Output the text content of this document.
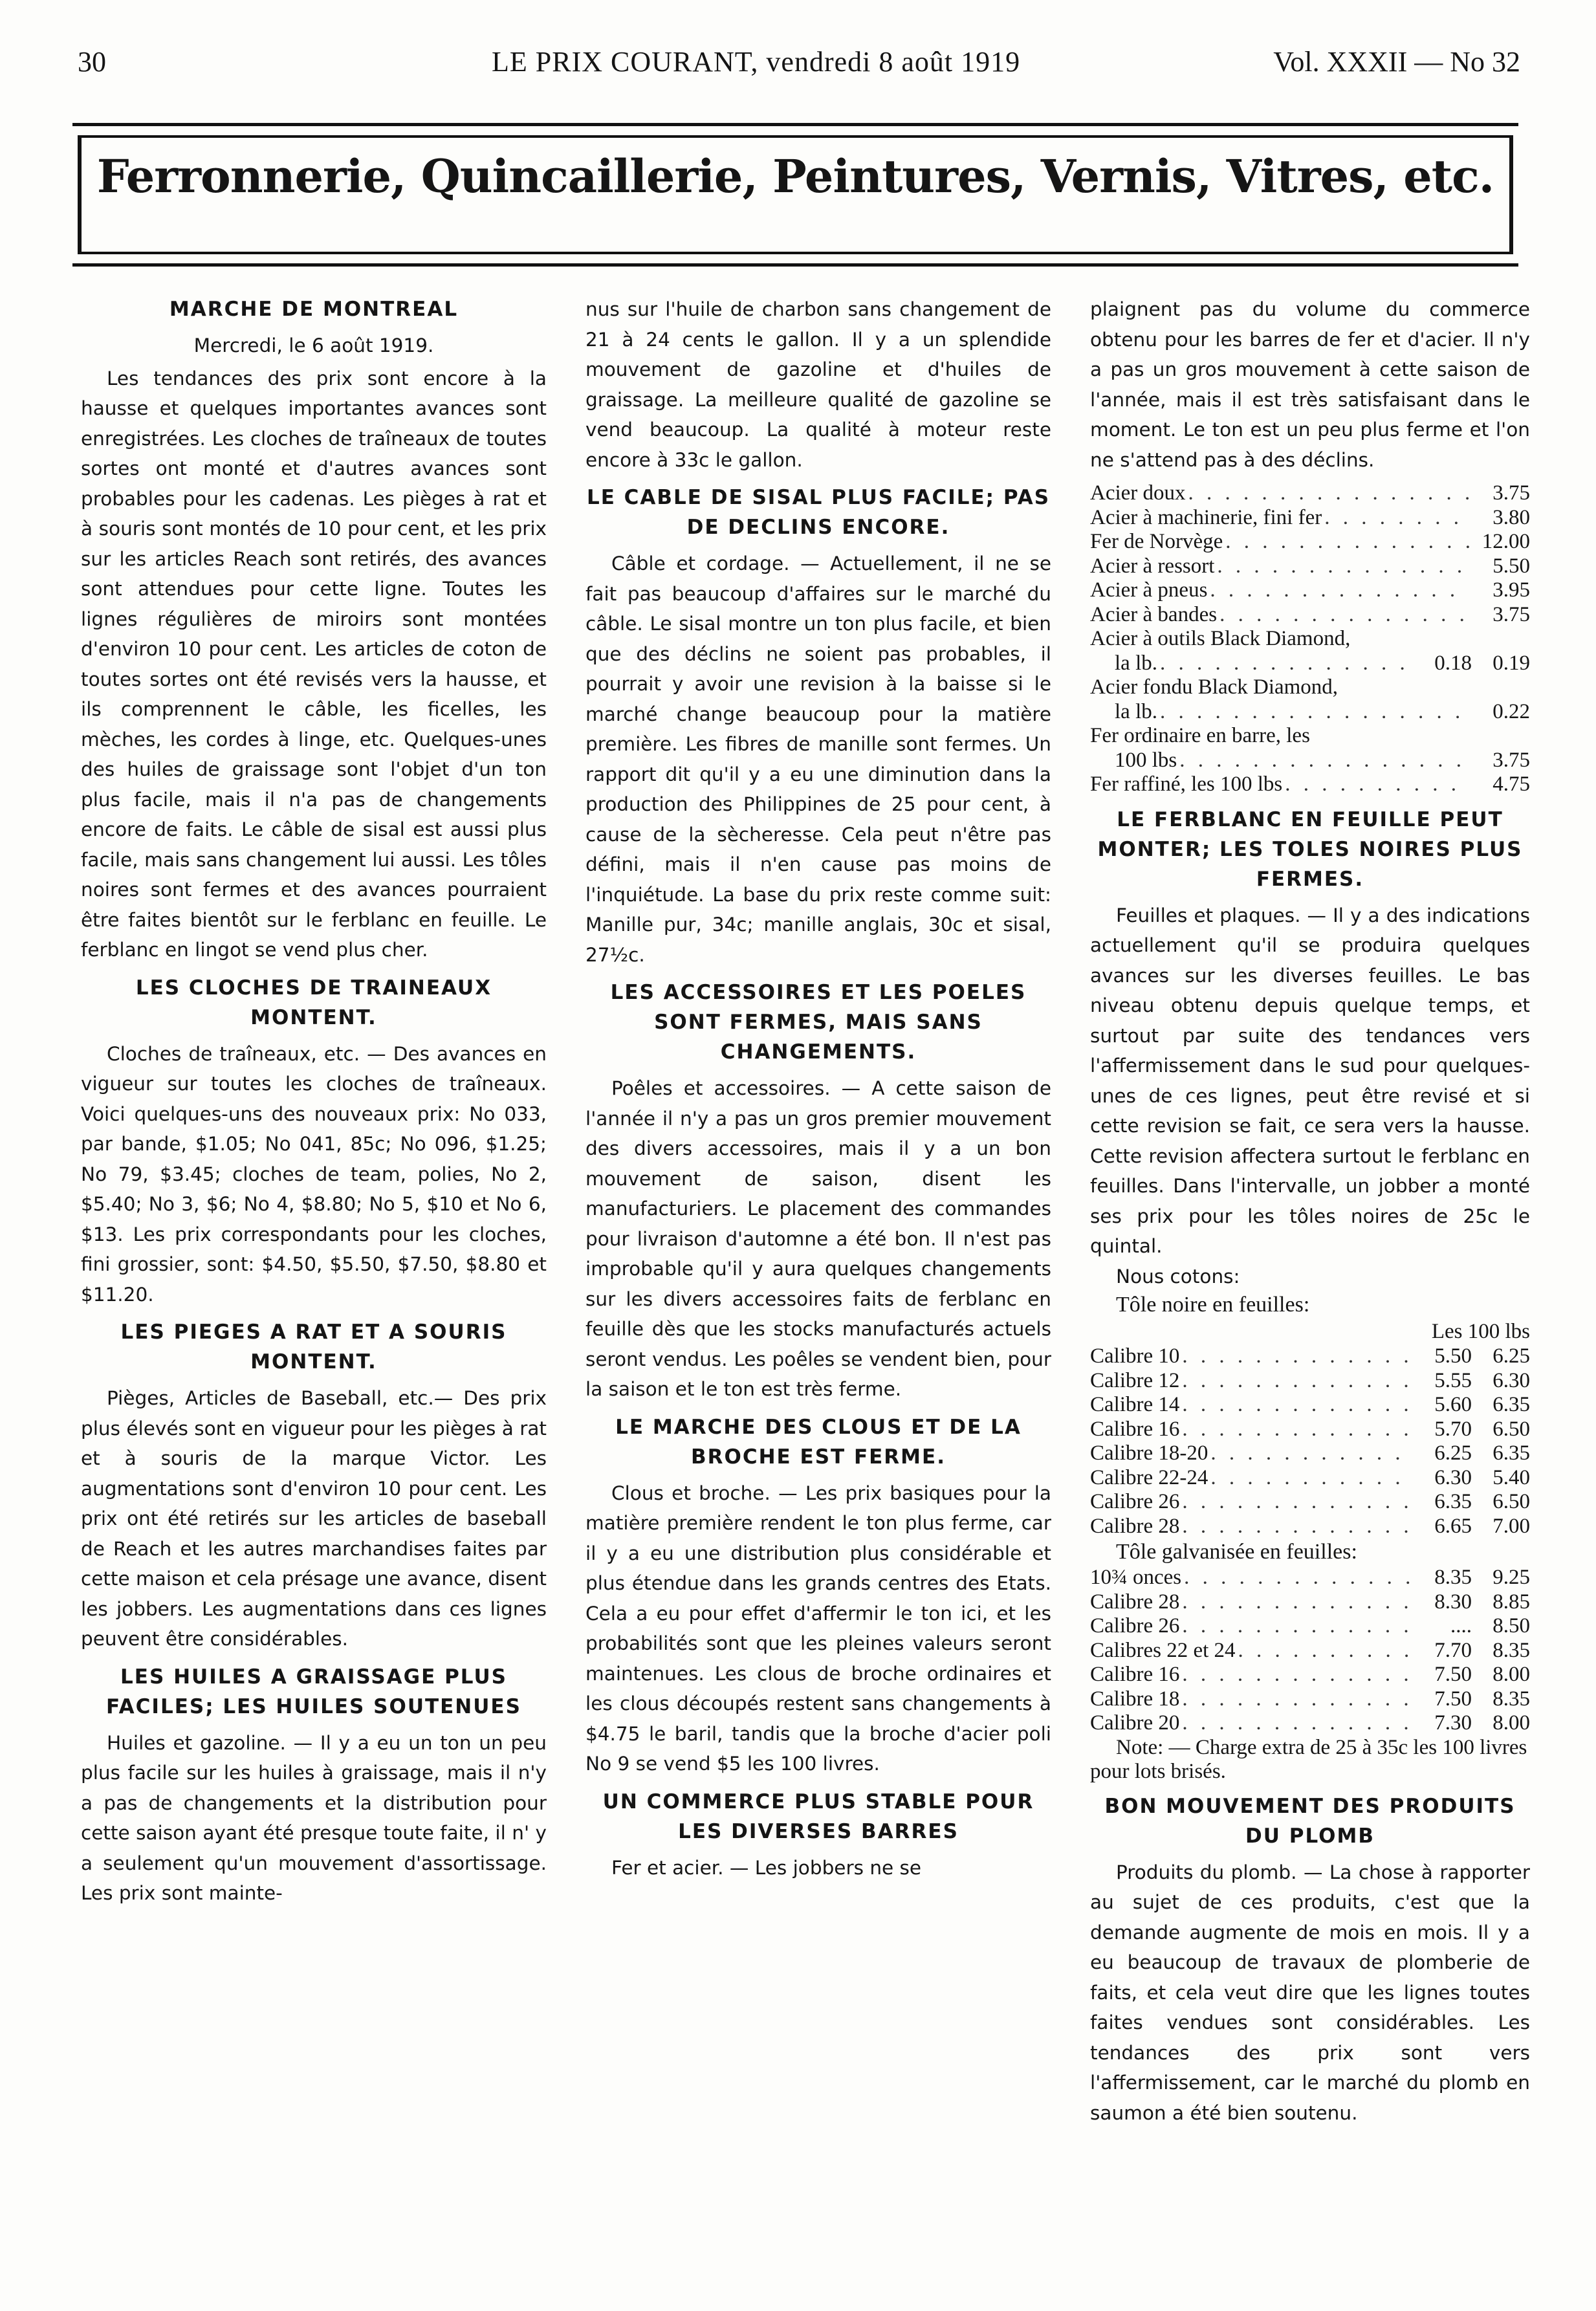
30	LE PRIX COURANT, vendredi 8 août 1919	Vol. XXXII — No 32
Ferronnerie, Quincaillerie, Peintures, Vernis, Vitres, etc.
MARCHE DE MONTREAL
Mercredi, le 6 août 1919.

Les tendances des prix sont encore à la hausse et quelques importantes avances sont enregistrées. Les cloches de traîneaux de toutes sortes ont monté et d'autres avances sont probables pour les cadenas. Les pièges à rat et à souris sont montés de 10 pour cent, et les prix sur les articles Reach sont retirés, des avances sont attendues pour cette ligne. Toutes les lignes régulières de miroirs sont montées d'environ 10 pour cent. Les articles de coton de toutes sortes ont été revisés vers la hausse, et ils comprennent le câble, les ficelles, les mèches, les cordes à linge, etc. Quelques-unes des huiles de graissage sont l'objet d'un ton plus facile, mais il n'a pas de changements encore de faits. Le câble de sisal est aussi plus facile, mais sans changement lui aussi. Les tôles noires sont fermes et des avances pourraient être faites bientôt sur le ferblanc en feuille. Le ferblanc en lingot se vend plus cher.

LES CLOCHES DE TRAINEAUX MONTENT.

Cloches de traîneaux, etc. — Des avances en vigueur sur toutes les cloches de traîneaux. Voici quelques-uns des nouveaux prix: No 033, par bande, $1.05; No 041, 85c; No 096, $1.25; No 79, $3.45; cloches de team, polies, No 2, $5.40; No 3, $6; No 4, $8.80; No 5, $10 et No 6, $13. Les prix correspondants pour les cloches, fini grossier, sont: $4.50, $5.50, $7.50, $8.80 et $11.20.

LES PIEGES A RAT ET A SOURIS MONTENT.

Pièges, Articles de Baseball, etc.— Des prix plus élevés sont en vigueur pour les pièges à rat et à souris de la marque Victor. Les augmentations sont d'environ 10 pour cent. Les prix ont été retirés sur les articles de baseball de Reach et les autres marchandises faites par cette maison et cela présage une avance, disent les jobbers. Les augmentations dans ces lignes peuvent être considérables.

LES HUILES A GRAISSAGE PLUS FACILES; LES HUILES SOUTENUES

Huiles et gazoline. — Il y a eu un ton un peu plus facile sur les huiles à graissage, mais il n'y a pas de changements et la distribution pour cette saison ayant été presque toute faite, il n' y a seulement qu'un mouvement d'assortissage. Les prix sont mainte-

nus sur l'huile de charbon sans changement de 21 à 24 cents le gallon. Il y a un splendide mouvement de gazoline et d'huiles de graissage. La meilleure qualité de gazoline se vend beaucoup. La qualité à moteur reste encore à 33c le gallon.

LE CABLE DE SISAL PLUS FACILE; PAS DE DECLINS ENCORE.

Câble et cordage. — Actuellement, il ne se fait pas beaucoup d'affaires sur le marché du câble. Le sisal montre un ton plus facile, et bien que des déclins ne soient pas probables, il pourrait y avoir une revision à la baisse si le marché change beaucoup pour la matière première. Les fibres de manille sont fermes. Un rapport dit qu'il y a eu une diminution dans la production des Philippines de 25 pour cent, à cause de la sècheresse. Cela peut n'être pas défini, mais il n'en cause pas moins de l'inquiétude. La base du prix reste comme suit: Manille pur, 34c; manille anglais, 30c et sisal, 27½c.

LES ACCESSOIRES ET LES POELES SONT FERMES, MAIS SANS CHANGEMENTS.

Poêles et accessoires. — A cette saison de l'année il n'y a pas un gros premier mouvement des divers accessoires, mais il y a un bon mouvement de saison, disent les manufacturiers. Le placement des commandes pour livraison d'automne a été bon. Il n'est pas improbable qu'il y aura quelques changements sur les divers accessoires faits de ferblanc en feuille dès que les stocks manufacturés actuels seront vendus. Les poêles se vendent bien, pour la saison et le ton est très ferme.

LE MARCHE DES CLOUS ET DE LA BROCHE EST FERME.

Clous et broche. — Les prix basiques pour la matière première rendent le ton plus ferme, car il y a eu une distribution plus considérable et plus étendue dans les grands centres des Etats. Cela a eu pour effet d'affermir le ton ici, et les probabilités sont que les pleines valeurs seront maintenues. Les clous de broche ordinaires et les clous découpés restent sans changements à $4.75 le baril, tandis que la broche d'acier poli No 9 se vend $5 les 100 livres.

UN COMMERCE PLUS STABLE POUR LES DIVERSES BARRES

Fer et acier. — Les jobbers ne se

plaignent pas du volume du commerce obtenu pour les barres de fer et d'acier. Il n'y a pas un gros mouvement à cette saison de l'année, mais il est très satisfaisant dans le moment. Le ton est un peu plus ferme et l'on ne s'attend pas à des déclins.

Acier doux . . .	3.75
Acier à machinerie, fini fer . . .	3.80
Fer de Norvège . . .	12.00
Acier à ressort . . .	5.50
Acier à pneus . . .	3.95
Acier à bandes . . .	3.75
Acier à outils Black Diamond,
la lb. . . .	0.18 0.19
Acier fondu Black Diamond,
la lb. . . .	0.22
Fer ordinaire en barre, les
100 lbs . . .	3.75
Fer raffiné, les 100 lbs . . .	4.75
LE FERBLANC EN FEUILLE PEUT MONTER; LES TOLES NOIRES PLUS FERMES.

Feuilles et plaques. — Il y a des indications actuellement qu'il se produira quelques avances sur les diverses feuilles. Le bas niveau obtenu depuis quelque temps, et surtout par suite des tendances vers l'affermissement dans le sud pour quelques-unes de ces lignes, peut être revisé et si cette revision se fait, ce sera vers la hausse. Cette revision affectera surtout le ferblanc en feuilles. Dans l'intervalle, un jobber a monté ses prix pour les tôles noires de 25c le quintal.

Nous cotons:
Tôle noire en feuilles:
Les 100 lbs
Calibre 10 . . .	5.50 6.25
Calibre 12 . . .	5.55 6.30
Calibre 14 . . .	5.60 6.35
Calibre 16 . . .	5.70 6.50
Calibre 18-20 . . .	6.25 6.35
Calibre 22-24 . . .	6.30 5.40
Calibre 26 . . .	6.35 6.50
Calibre 28 . . .	6.65 7.00
Tôle galvanisée en feuilles:
10¾ onces . . .	8.35 9.25
Calibre 28 . . .	8.30 8.85
Calibre 26 . . .	.... 8.50
Calibres 22 et 24 . . .	7.70 8.35
Calibre 16 . . .	7.50 8.00
Calibre 18 . . .	7.50 8.35
Calibre 20 . . .	7.30 8.00
Note: — Charge extra de 25 à 35c les 100 livres pour lots brisés.
BON MOUVEMENT DES PRODUITS DU PLOMB

Produits du plomb. — La chose à rapporter au sujet de ces produits, c'est que la demande augmente de mois en mois. Il y a eu beaucoup de travaux de plomberie de faits, et cela veut dire que les lignes toutes faites vendues sont considérables. Les tendances des prix sont vers l'affermissement, car le marché du plomb en saumon a été bien soutenu.
